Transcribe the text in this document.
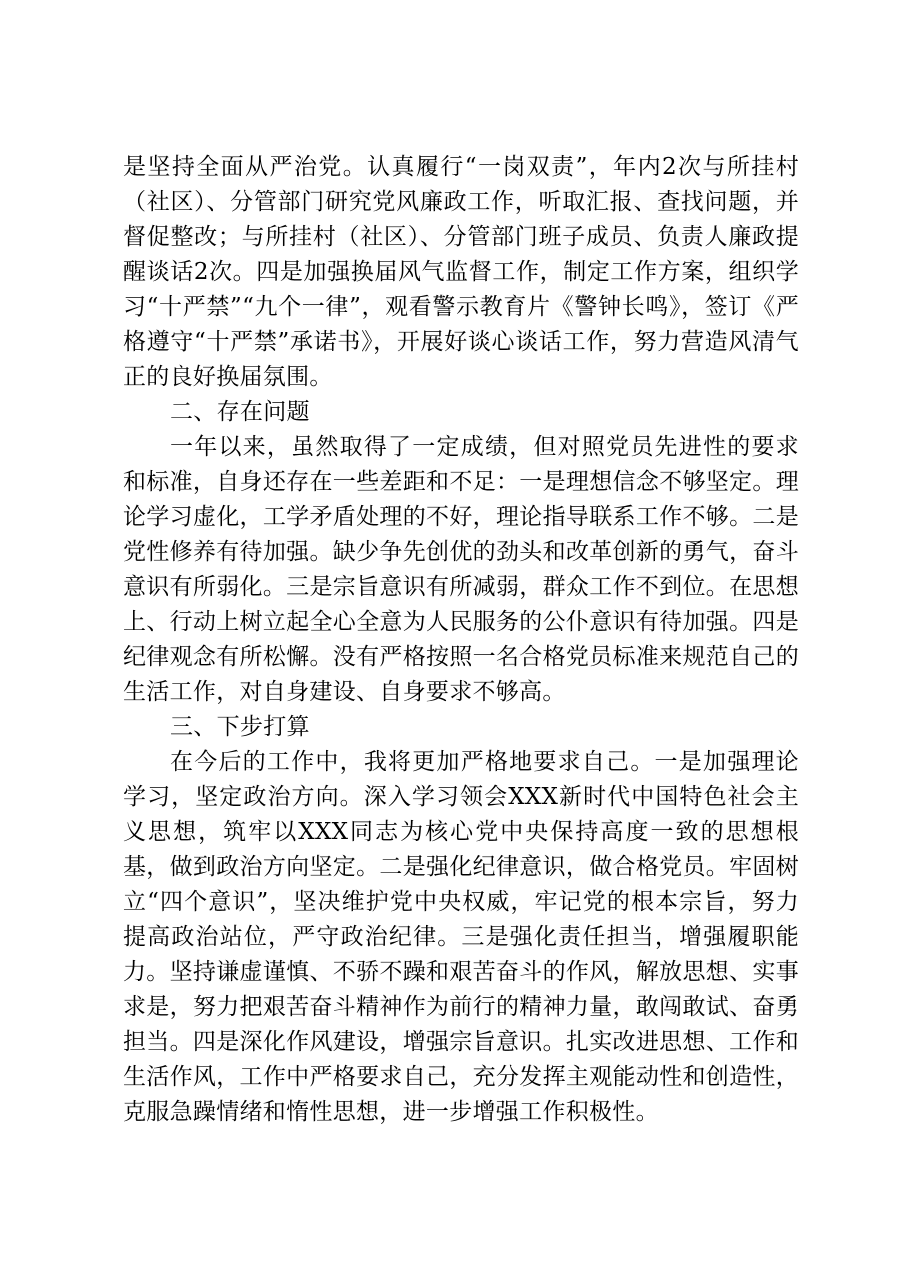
是坚持全面从严治党。认真履行“一岗双责”，年内2次与所挂村（社区）、分管部门研究党风廉政工作，听取汇报、查找问题，并督促整改；与所挂村（社区）、分管部门班子成员、负责人廉政提醒谈话2次。四是加强换届风气监督工作，制定工作方案，组织学习“十严禁”“九个一律”，观看警示教育片《警钟长鸣》，签订《严格遵守“十严禁”承诺书》，开展好谈心谈话工作，努力营造风清气正的良好换届氛围。

二、存在问题

一年以来，虽然取得了一定成绩，但对照党员先进性的要求和标准，自身还存在一些差距和不足：一是理想信念不够坚定。理论学习虚化，工学矛盾处理的不好，理论指导联系工作不够。二是党性修养有待加强。缺少争先创优的劲头和改革创新的勇气，奋斗意识有所弱化。三是宗旨意识有所减弱，群众工作不到位。在思想上、行动上树立起全心全意为人民服务的公仆意识有待加强。四是纪律观念有所松懈。没有严格按照一名合格党员标准来规范自己的生活工作，对自身建设、自身要求不够高。

三、下步打算

在今后的工作中，我将更加严格地要求自己。一是加强理论学习，坚定政治方向。深入学习领会XXX新时代中国特色社会主义思想，筑牢以XXX同志为核心党中央保持高度一致的思想根基，做到政治方向坚定。二是强化纪律意识，做合格党员。牢固树立“四个意识”，坚决维护党中央权威，牢记党的根本宗旨，努力提高政治站位，严守政治纪律。三是强化责任担当，增强履职能力。坚持谦虚谨慎、不骄不躁和艰苦奋斗的作风，解放思想、实事求是，努力把艰苦奋斗精神作为前行的精神力量，敢闯敢试、奋勇担当。四是深化作风建设，增强宗旨意识。扎实改进思想、工作和生活作风，工作中严格要求自己，充分发挥主观能动性和创造性，克服急躁情绪和惰性思想，进一步增强工作积极性。
